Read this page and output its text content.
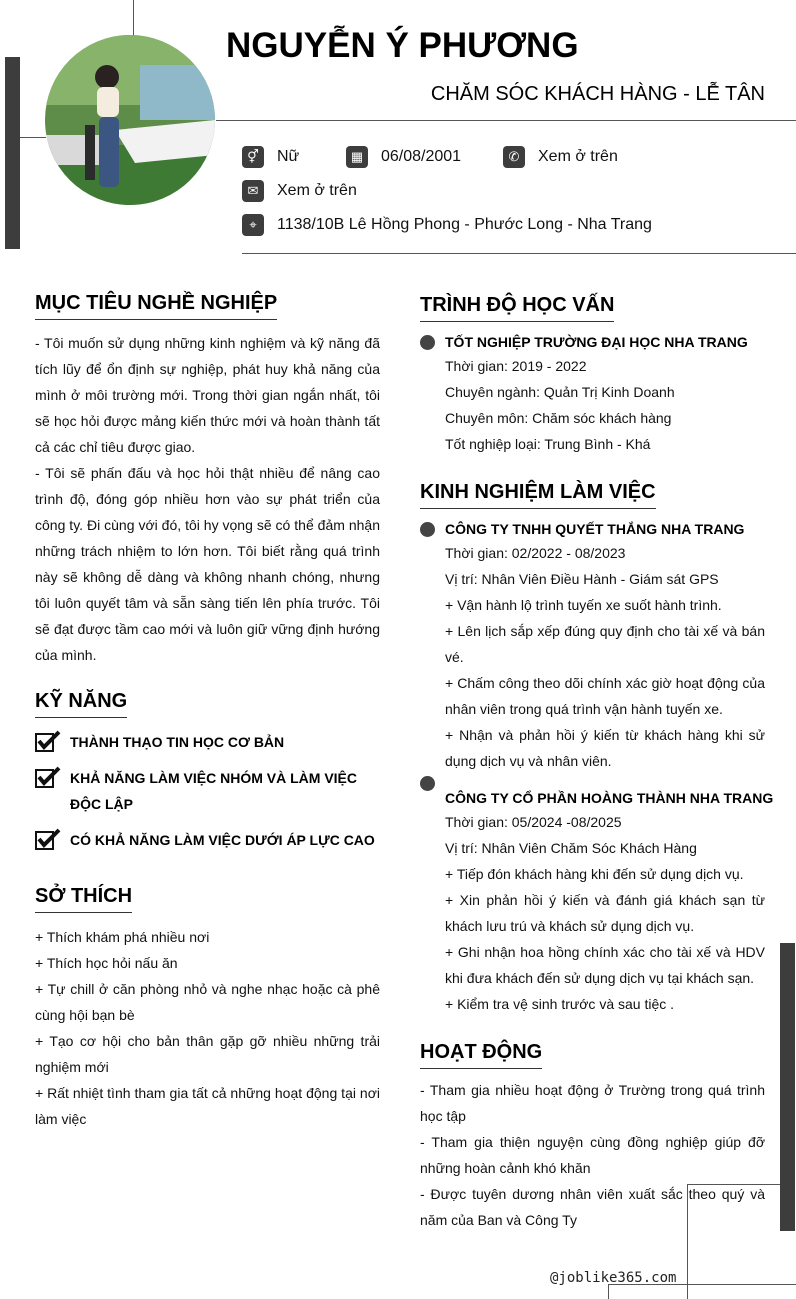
NGUYỄN Ý PHƯƠNG
CHĂM SÓC KHÁCH HÀNG - LỄ TÂN
⚥	Nữ	▦	06/08/2001	✆	Xem ở trên
✉	Xem ở trên
⌖	1138/10B Lê Hồng Phong - Phước Long - Nha Trang
MỤC TIÊU NGHỀ NGHIỆP

- Tôi muốn sử dụng những kinh nghiệm và kỹ năng đã tích lũy để ổn định sự nghiệp, phát huy khả năng của mình ở môi trường mới. Trong thời gian ngắn nhất, tôi sẽ học hỏi được mảng kiến thức mới và hoàn thành tất cả các chỉ tiêu được giao.

- Tôi sẽ phấn đấu và học hỏi thật nhiều để nâng cao trình độ, đóng góp nhiều hơn vào sự phát triển của công ty. Đi cùng với đó, tôi hy vọng sẽ có thể đảm nhận những trách nhiệm to lớn hơn. Tôi biết rằng quá trình này sẽ không dễ dàng và không nhanh chóng, nhưng tôi luôn quyết tâm và sẵn sàng tiến lên phía trước. Tôi sẽ đạt được tầm cao mới và luôn giữ vững định hướng của mình.

KỸ NĂNG
THÀNH THẠO TIN HỌC CƠ BẢN
KHẢ NĂNG LÀM VIỆC NHÓM VÀ LÀM VIỆC ĐỘC LẬP
CÓ KHẢ NĂNG LÀM VIỆC DƯỚI ÁP LỰC CAO
SỞ THÍCH

+ Thích khám phá nhiều nơi

+ Thích học hỏi nấu ăn

+ Tự chill ở căn phòng nhỏ và nghe nhạc hoặc cà phê cùng hội bạn bè

+ Tạo cơ hội cho bản thân gặp gỡ nhiều những trải nghiệm mới

+ Rất nhiệt tình tham gia tất cả những hoạt động tại nơi làm việc

TRÌNH ĐỘ HỌC VẤN
TỐT NGHIỆP TRƯỜNG ĐẠI HỌC NHA TRANG
Thời gian: 2019 - 2022
Chuyên ngành: Quản Trị Kinh Doanh
Chuyên môn: Chăm sóc khách hàng
Tốt nghiệp loại: Trung Bình - Khá
KINH NGHIỆM LÀM VIỆC
CÔNG TY TNHH QUYẾT THẮNG NHA TRANG
Thời gian: 02/2022 - 08/2023
Vị trí: Nhân Viên Điều Hành - Giám sát GPS
+ Vận hành lộ trình tuyến xe suốt hành trình.
+ Lên lịch sắp xếp đúng quy định cho tài xế và bán vé.
+ Chấm công theo dõi chính xác giờ hoạt động của nhân viên trong quá trình vận hành tuyến xe.
+ Nhận và phản hồi ý kiến từ khách hàng khi sử dụng dịch vụ và nhân viên.
CÔNG TY CỔ PHẦN HOÀNG THÀNH NHA TRANG
Thời gian: 05/2024 -08/2025
Vị trí: Nhân Viên Chăm Sóc Khách Hàng
+ Tiếp đón khách hàng khi đến sử dụng dịch vụ.
+ Xin phản hồi ý kiến và đánh giá khách sạn từ khách lưu trú và khách sử dụng dịch vụ.
+ Ghi nhận hoa hồng chính xác cho tài xế và HDV khi đưa khách đến sử dụng dịch vụ tại khách sạn.
+ Kiểm tra vệ sinh trước và sau tiệc .
HOẠT ĐỘNG

- Tham gia nhiều hoạt động ở Trường trong quá trình học tập

- Tham gia thiện nguyện cùng đồng nghiệp giúp đỡ những hoàn cảnh khó khăn

- Được tuyên dương nhân viên xuất sắc theo quý và năm của Ban và Công Ty

@joblike365.com
